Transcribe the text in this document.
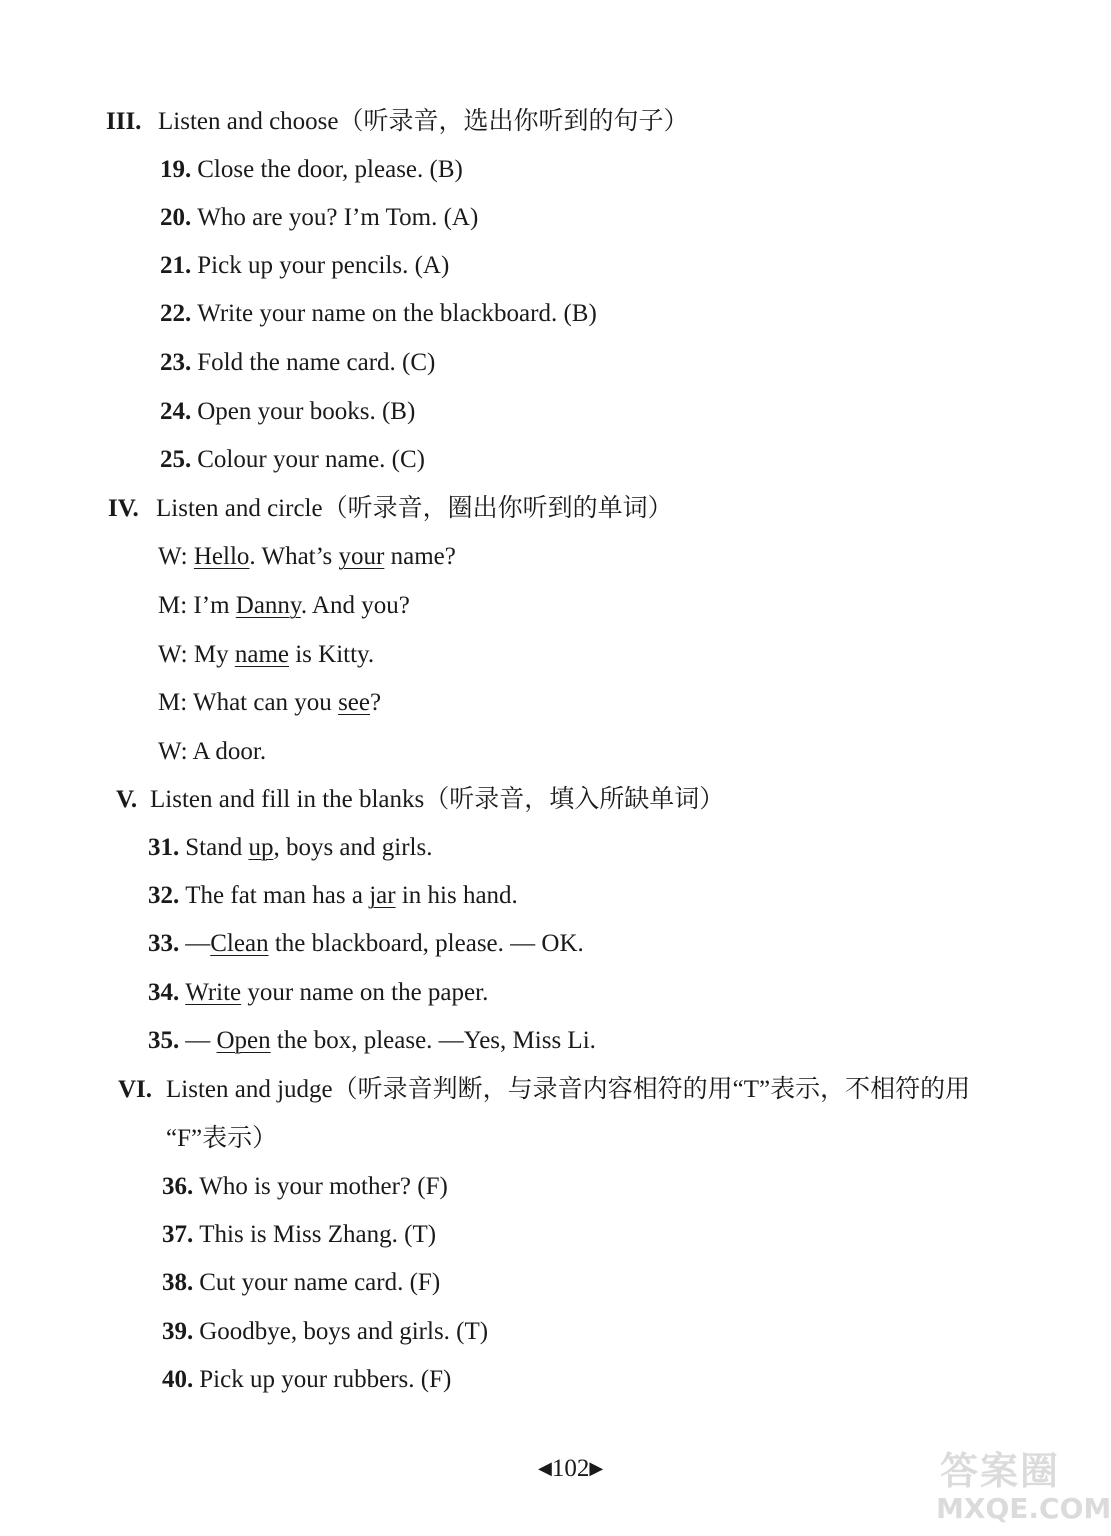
III. Listen and choose（听录音，选出你听到的句子）
19. Close the door, please. (B)
20. Who are you? I’m Tom. (A)
21. Pick up your pencils. (A)
22. Write your name on the blackboard. (B)
23. Fold the name card. (C)
24. Open your books. (B)
25. Colour your name. (C)
IV. Listen and circle（听录音，圈出你听到的单词）
W: Hello. What’s your name?
M: I’m Danny. And you?
W: My name is Kitty.
M: What can you see?
W: A door.
V. Listen and fill in the blanks（听录音，填入所缺单词）
31. Stand up, boys and girls.
32. The fat man has a jar in his hand.
33. —Clean the blackboard, please. — OK.
34. Write your name on the paper.
35. — Open the box, please. —Yes, Miss Li.
VI. Listen and judge（听录音判断，与录音内容相符的用“T”表示，不相符的用
“F”表示）
36. Who is your mother? (F)
37. This is Miss Zhang. (T)
38. Cut your name card. (F)
39. Goodbye, boys and girls. (T)
40. Pick up your rubbers. (F)
◀102▶	答案圈
MXQE.COM
